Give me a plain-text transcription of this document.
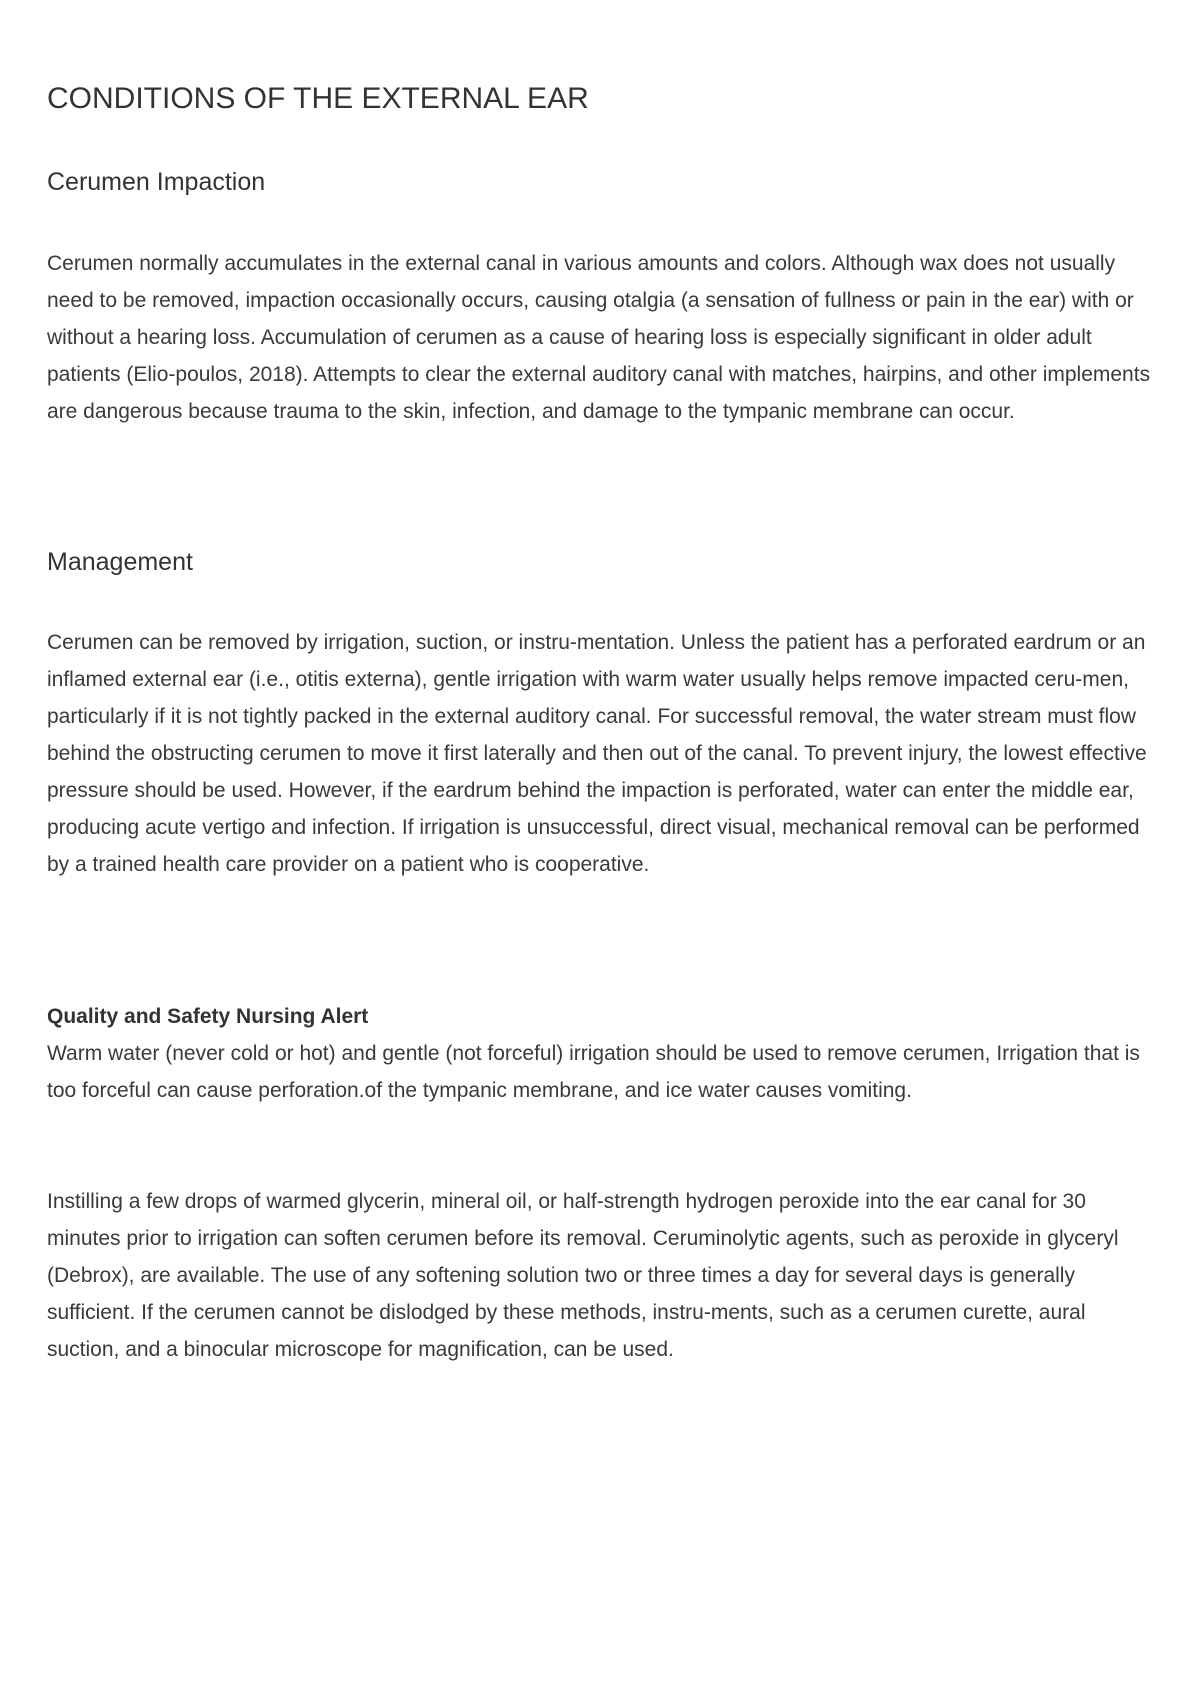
CONDITIONS OF THE EXTERNAL EAR
Cerumen Impaction

Cerumen normally accumulates in the external canal in various amounts and colors. Although wax does not usually need to be removed, impaction occasionally occurs, causing otalgia (a sensation of fullness or pain in the ear) with or without a hearing loss. Accumulation of cerumen as a cause of hearing loss is especially significant in older adult patients (Elio-poulos, 2018). Attempts to clear the external auditory canal with matches, hairpins, and other implements are dangerous because trauma to the skin, infection, and damage to the tympanic membrane can occur.

Management

Cerumen can be removed by irrigation, suction, or instru-mentation. Unless the patient has a perforated eardrum or an inflamed external ear (i.e., otitis externa), gentle irrigation with warm water usually helps remove impacted ceru-men, particularly if it is not tightly packed in the external auditory canal. For successful removal, the water stream must flow behind the obstructing cerumen to move it first laterally and then out of the canal. To prevent injury, the lowest effective pressure should be used. However, if the eardrum behind the impaction is perforated, water can enter the middle ear, producing acute vertigo and infection. If irrigation is unsuccessful, direct visual, mechanical removal can be performed by a trained health care provider on a patient who is cooperative.

Quality and Safety Nursing Alert

Warm water (never cold or hot) and gentle (not forceful) irrigation should be used to remove cerumen, Irrigation that is too forceful can cause perforation.of the tympanic membrane, and ice water causes vomiting.

Instilling a few drops of warmed glycerin, mineral oil, or half-strength hydrogen peroxide into the ear canal for 30 minutes prior to irrigation can soften cerumen before its removal. Ceruminolytic agents, such as peroxide in glyceryl (Debrox), are available. The use of any softening solution two or three times a day for several days is generally sufficient. If the cerumen cannot be dislodged by these methods, instru-ments, such as a cerumen curette, aural suction, and a binocular microscope for magnification, can be used.
